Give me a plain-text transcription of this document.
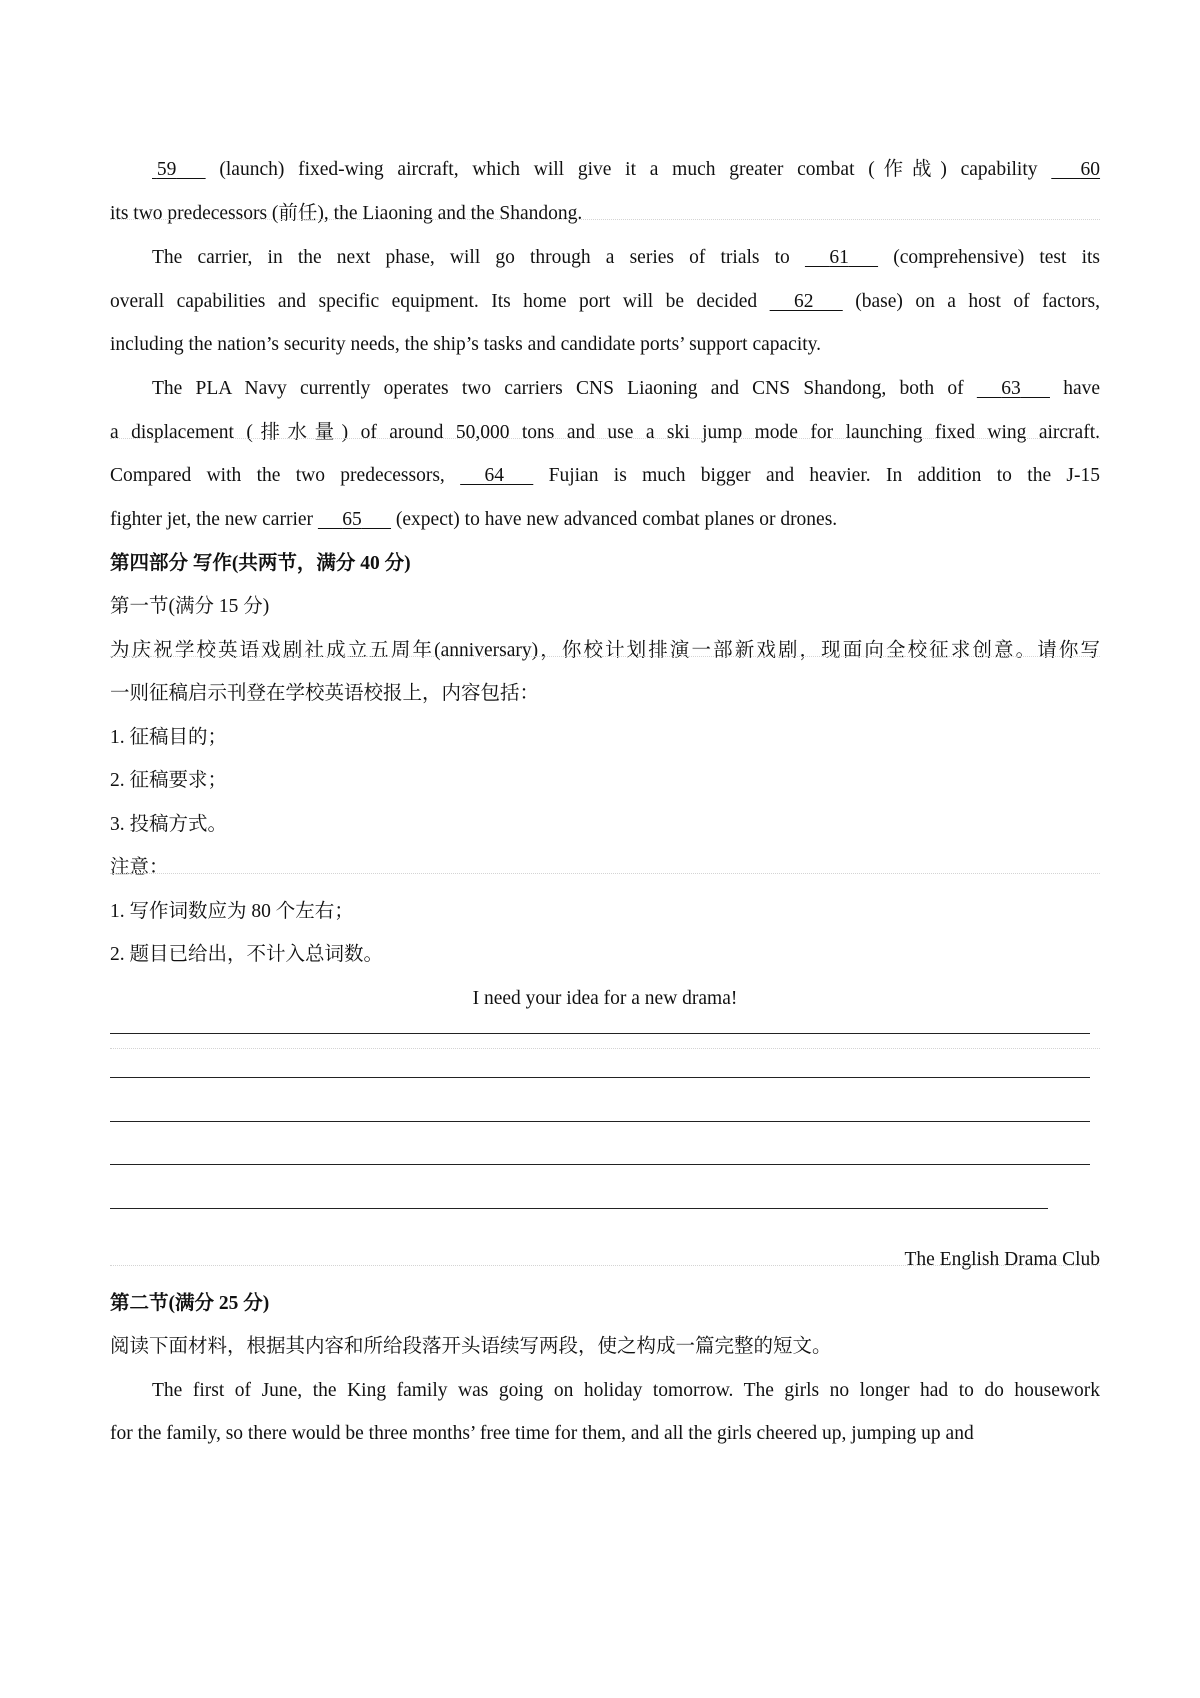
59 (launch) fixed-wing aircraft, which will give it a much greater combat (作战) capability 60
its two predecessors (前任), the Liaoning and the Shandong.
The carrier, in the next phase, will go through a series of trials to 61 (comprehensive) test its
overall capabilities and specific equipment. Its home port will be decided 62 (base) on a host of factors,
including the nation’s security needs, the ship’s tasks and candidate ports’ support capacity.
The PLA Navy currently operates two carriers CNS Liaoning and CNS Shandong, both of 63 have
a displacement (排水量) of around 50,000 tons and use a ski jump mode for launching fixed wing aircraft.
Compared with the two predecessors, 64 Fujian is much bigger and heavier. In addition to the J-15
fighter jet, the new carrier 65 (expect) to have new advanced combat planes or drones.
第四部分 写作(共两节，满分 40 分)
第一节(满分 15 分)
为庆祝学校英语戏剧社成立五周年(anniversary)，你校计划排演一部新戏剧，现面向全校征求创意。请你写
一则征稿启示刊登在学校英语校报上，内容包括：
1. 征稿目的；
2. 征稿要求；
3. 投稿方式。
注意：
1. 写作词数应为 80 个左右；
2. 题目已给出，不计入总词数。
I need your idea for a new drama!
The English Drama Club
第二节(满分 25 分)
阅读下面材料，根据其内容和所给段落开头语续写两段，使之构成一篇完整的短文。
The first of June, the King family was going on holiday tomorrow. The girls no longer had to do housework
for the family, so there would be three months’ free time for them, and all the girls cheered up, jumping up and
